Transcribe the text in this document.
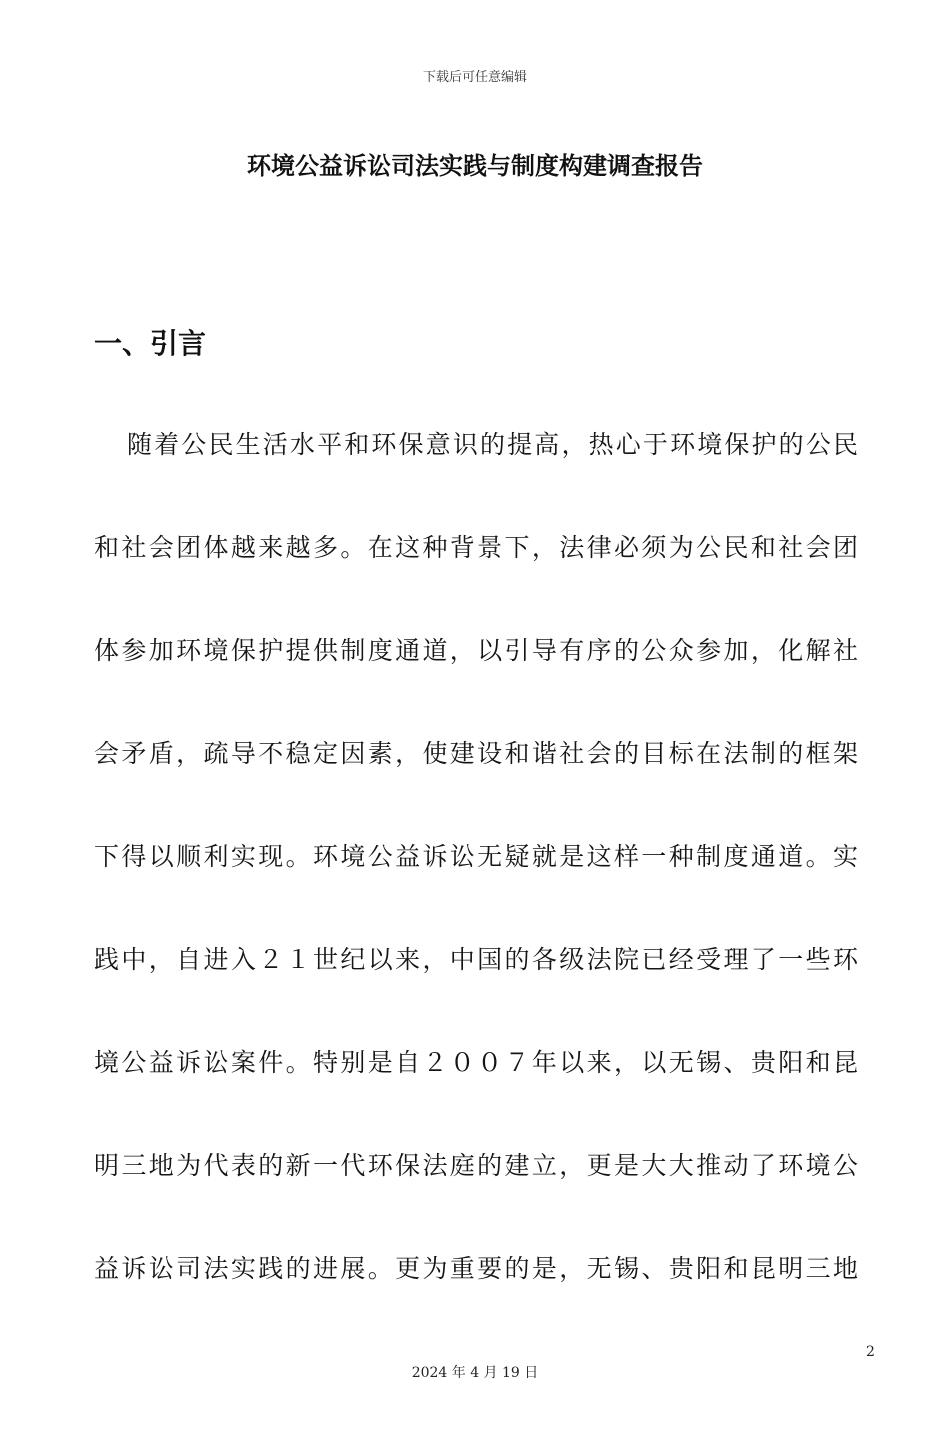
下载后可任意编辑
环境公益诉讼司法实践与制度构建调查报告
一、引言

随着公民生活水平和环保意识的提高，热心于环境保护的公民

和社会团体越来越多。在这种背景下，法律必须为公民和社会团

体参加环境保护提供制度通道，以引导有序的公众参加，化解社

会矛盾，疏导不稳定因素，使建设和谐社会的目标在法制的框架

下得以顺利实现。环境公益诉讼无疑就是这样一种制度通道。实

践中，自进入２１世纪以来，中国的各级法院已经受理了一些环

境公益诉讼案件。特别是自２００７年以来，以无锡、贵阳和昆

明三地为代表的新一代环保法庭的建立，更是大大推动了环境公

益诉讼司法实践的进展。更为重要的是，无锡、贵阳和昆明三地

2
2024 年 4 月 19 日
